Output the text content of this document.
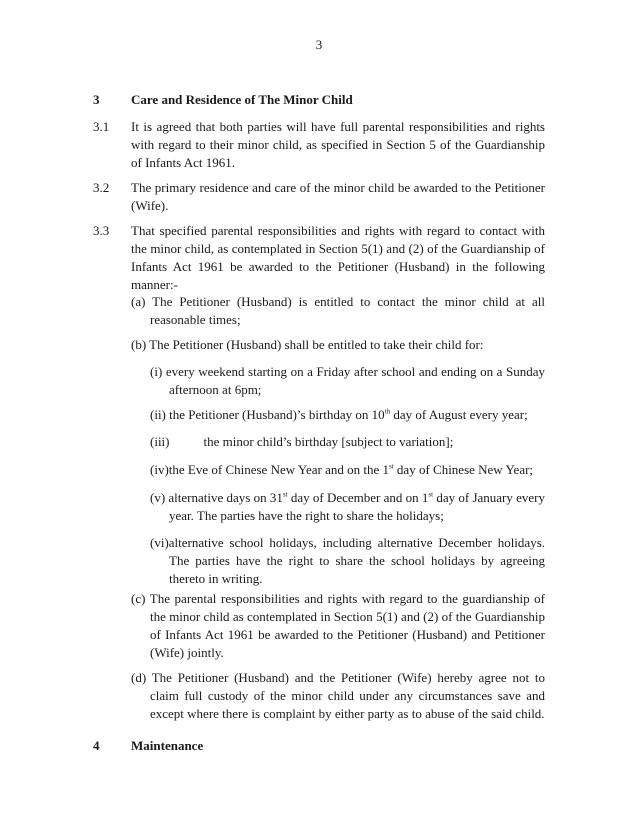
3
3 Care and Residence of The Minor Child
3.1 It is agreed that both parties will have full parental responsibilities and rights with regard to their minor child, as specified in Section 5 of the Guardianship of Infants Act 1961.
3.2 The primary residence and care of the minor child be awarded to the Petitioner (Wife).
3.3 That specified parental responsibilities and rights with regard to contact with the minor child, as contemplated in Section 5(1) and (2) of the Guardianship of Infants Act 1961 be awarded to the Petitioner (Husband) in the following manner:-
(a) The Petitioner (Husband) is entitled to contact the minor child at all reasonable times;
(b) The Petitioner (Husband) shall be entitled to take their child for:
(i) every weekend starting on a Friday after school and ending on a Sunday afternoon at 6pm;
(ii) the Petitioner (Husband)’s birthday on 10th day of August every year;
(iii)	the minor child’s birthday [subject to variation];
(iv)the Eve of Chinese New Year and on the 1st day of Chinese New Year;
(v) alternative days on 31st day of December and on 1st day of January every year. The parties have the right to share the holidays;
(vi)alternative school holidays, including alternative December holidays. The parties have the right to share the school holidays by agreeing thereto in writing.
(c) The parental responsibilities and rights with regard to the guardianship of the minor child as contemplated in Section 5(1) and (2) of the Guardianship of Infants Act 1961 be awarded to the Petitioner (Husband) and Petitioner (Wife) jointly.
(d) The Petitioner (Husband) and the Petitioner (Wife) hereby agree not to claim full custody of the minor child under any circumstances save and except where there is complaint by either party as to abuse of the said child.
4 Maintenance
